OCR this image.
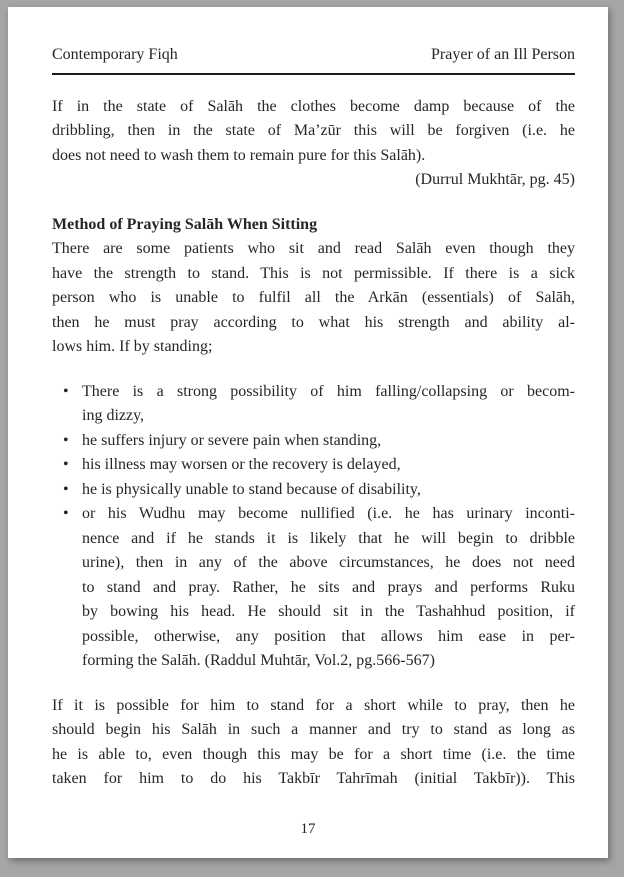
Contemporary Fiqh	Prayer of an Ill Person
If in the state of Salāh the clothes become damp because of the
dribbling, then in the state of Ma’zūr this will be forgiven (i.e. he
does not need to wash them to remain pure for this Salāh).
(Durrul Mukhtār, pg. 45)
Method of Praying Salāh When Sitting
There are some patients who sit and read Salāh even though they
have the strength to stand. This is not permissible. If there is a sick
person who is unable to fulfil all the Arkān (essentials) of Salāh,
then he must pray according to what his strength and ability al-
lows him. If by standing;
• There is a strong possibility of him falling/collapsing or becom-
ing dizzy,
• he suffers injury or severe pain when standing,
• his illness may worsen or the recovery is delayed,
• he is physically unable to stand because of disability,
• or his Wudhu may become nullified (i.e. he has urinary inconti-
nence and if he stands it is likely that he will begin to dribble
urine), then in any of the above circumstances, he does not need
to stand and pray. Rather, he sits and prays and performs Ruku
by bowing his head. He should sit in the Tashahhud position, if
possible, otherwise, any position that allows him ease in per-
forming the Salāh. (Raddul Muhtār, Vol.2, pg.566-567)
If it is possible for him to stand for a short while to pray, then he
should begin his Salāh in such a manner and try to stand as long as
he is able to, even though this may be for a short time (i.e. the time
taken for him to do his Takbīr Tahrīmah (initial Takbīr)). This
17
